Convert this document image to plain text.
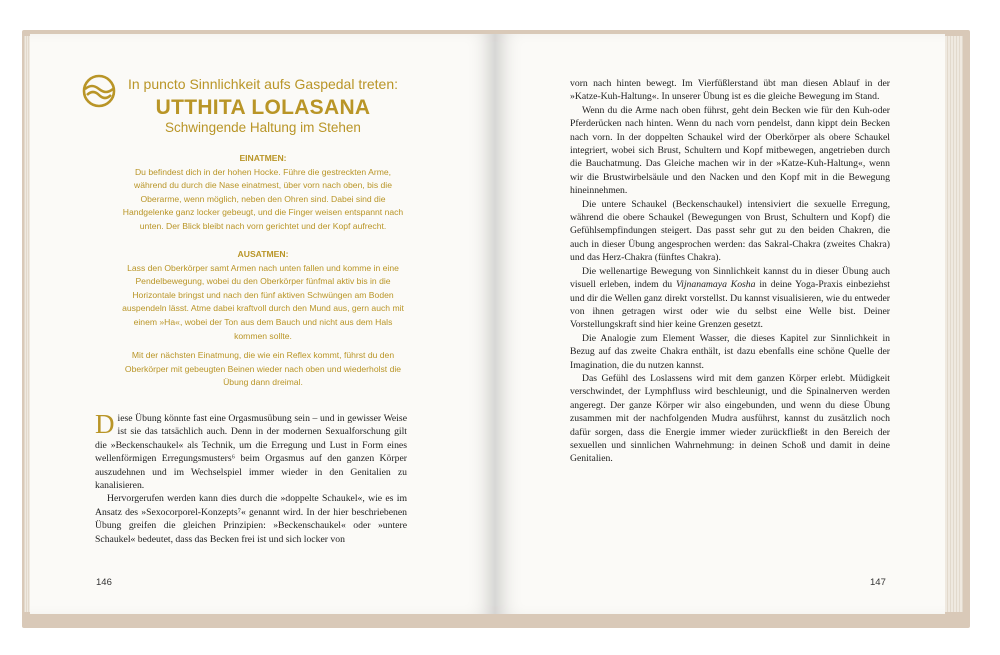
In puncto Sinnlichkeit aufs Gaspedal treten:
UTTHITA LOLASANA
Schwingende Haltung im Stehen
EINATMEN:
Du befindest dich in der hohen Hocke. Führe die gestreckten Arme, während du durch die Nase einatmest, über vorn nach oben, bis die Oberarme, wenn möglich, neben den Ohren sind. Dabei sind die Handgelenke ganz locker gebeugt, und die Finger weisen entspannt nach unten. Der Blick bleibt nach vorn gerichtet und der Kopf aufrecht.
AUSATMEN:
Lass den Oberkörper samt Armen nach unten fallen und komme in eine Pendelbewegung, wobei du den Oberkörper fünfmal aktiv bis in die Horizontale bringst und nach den fünf aktiven Schwüngen am Boden auspendeln lässt. Atme dabei kraftvoll durch den Mund aus, gern auch mit einem »Ha«, wobei der Ton aus dem Bauch und nicht aus dem Hals kommen sollte.
Mit der nächsten Einatmung, die wie ein Reflex kommt, führst du den Oberkörper mit gebeugten Beinen wieder nach oben und wiederholst die Übung dann dreimal.

Diese Übung könnte fast eine Orgasmusübung sein – und in gewisser Weise ist sie das tatsächlich auch. Denn in der modernen Sexualforschung gilt die »Beckenschaukel« als Technik, um die Erregung und Lust in Form eines wellenförmigen Erregungsmusters⁶ beim Orgasmus auf den ganzen Körper auszudehnen und im Wechselspiel immer wieder in den Genitalien zu kanalisieren.

Hervorgerufen werden kann dies durch die »doppelte Schaukel«, wie es im Ansatz des »Sexocorporel-Konzepts⁷« genannt wird. In der hier beschriebenen Übung greifen die gleichen Prinzipien: »Beckenschaukel« oder »untere Schaukel« bedeutet, dass das Becken frei ist und sich locker von

146

vorn nach hinten bewegt. Im Vierfüßlerstand übt man diesen Ablauf in der »Katze-Kuh-Haltung«. In unserer Übung ist es die gleiche Bewegung im Stand.

Wenn du die Arme nach oben führst, geht dein Becken wie für den Kuh-oder Pferderücken nach hinten. Wenn du nach vorn pendelst, dann kippt dein Becken nach vorn. In der doppelten Schaukel wird der Oberkörper als obere Schaukel integriert, wobei sich Brust, Schultern und Kopf mitbewegen, angetrieben durch die Bauchatmung. Das Gleiche machen wir in der »Katze-Kuh-Haltung«, wenn wir die Brustwirbelsäule und den Nacken und den Kopf mit in die Bewegung hineinnehmen.

Die untere Schaukel (Beckenschaukel) intensiviert die sexuelle Erregung, während die obere Schaukel (Bewegungen von Brust, Schultern und Kopf) die Gefühlsempfindungen steigert. Das passt sehr gut zu den beiden Chakren, die auch in dieser Übung angesprochen werden: das Sakral-Chakra (zweites Chakra) und das Herz-Chakra (fünftes Chakra).

Die wellenartige Bewegung von Sinnlichkeit kannst du in dieser Übung auch visuell erleben, indem du Vijnanamaya Kosha in deine Yoga-Praxis einbeziehst und dir die Wellen ganz direkt vorstellst. Du kannst visualisieren, wie du entweder von ihnen getragen wirst oder wie du selbst eine Welle bist. Deiner Vorstellungskraft sind hier keine Grenzen gesetzt.

Die Analogie zum Element Wasser, die dieses Kapitel zur Sinnlichkeit in Bezug auf das zweite Chakra enthält, ist dazu ebenfalls eine schöne Quelle der Imagination, die du nutzen kannst.

Das Gefühl des Loslassens wird mit dem ganzen Körper erlebt. Müdigkeit verschwindet, der Lymphfluss wird beschleunigt, und die Spinalnerven werden angeregt. Der ganze Körper wir also eingebunden, und wenn du diese Übung zusammen mit der nachfolgenden Mudra ausführst, kannst du zusätzlich noch dafür sorgen, dass die Energie immer wieder zurückfließt in den Bereich der sexuellen und sinnlichen Wahrnehmung: in deinen Schoß und damit in deine Genitalien.

147
